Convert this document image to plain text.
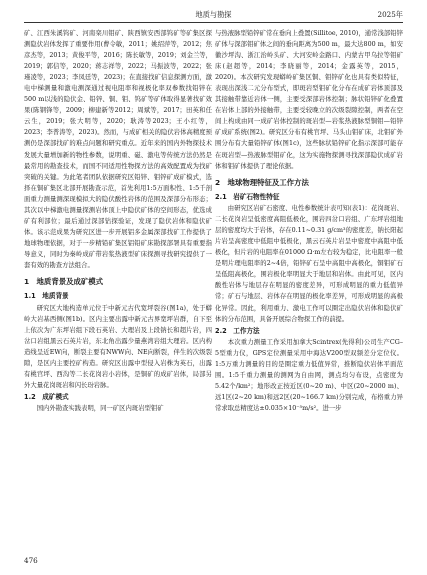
地质与勘探	2025年

矿、江西朱溪钨矿、河南栾川钼矿、陕西镇安西部钨矿等矿集区探测隐伏岩体发挥了重要作用(曹令敏，2011；姚绍萍等，2012；焦彦杰等，2013；黄俊平等，2016；陈长敏等，2019；刘金兰等，2019；郭信等，2020；蒋志祥等，2022；马振波等，2022；张瑾凌等，2023；李凤廷等，2023)；在直接找矿信息探测方面，激电中梯测量和激电测深通过视电阻率和视极化率双参数找铅锌在500 m以浅的隐伏金、铅锌、铜、钼、钨矿等矿体取得显著找矿效果(陈钢锋等，2009；柳建新等2012；周斌等，2017；田英和任云生，2019；张大明等，2020；耿涛等2023；王小红等，2023；李普涛等，2023)。然而，与成矿相关的隐伏岩体高精度预测仍是深部找矿的难点问题和研究重点。近年来的国内外物探技术发展大量增加新的物性参数，说明重、磁、激电等传统方法仍然是最常用的勘查技术，而国不同适用性物探方法的高效配置成为找矿突破的关键。为此笔者团队依据研究区铅锌、钼锌矿成矿模式，选择在铜矿集区北部开展勘查示范，首先利用1:5万面积性、1:5千剖面重力测量测深现模拟大的隐伏酸性岩体的范围及深部分布形态；其次以中梯激电测量探测岩体顶上中隐伏矿体的空间形态，优选成矿有利部位；最后通过深部钻探验证，发现了隐伏岩体和隐伏矿体。该示范成果为研究区进一步开展铝多金属深部找矿工作提供了地球物理依据，对于一步精铅矿集区铝铅矿床勘探部署具有重要指导意义，同时为秦岭成矿带岩浆热液型矿床探测寻找研究提供了一套有效的勘查方法组合。

1　地质背景及成矿模式
1.1　地质背景

研究区大地构造单元位于中新元古代宽坪裂谷(图1a)，处于蟒岭大岩基西侧(图1b)。区内主要出露中新元古界宽坪岩群，自下至上依次为广东坪岩组下段石英岩、大理岩及上段钠长和超片岩，四岔口岩组黑云石英片岩，东北角出露少量燕湾岩组大理岩。区内构造线呈近EW向，断裂主要有NWW向、NE向断裂，伴生的次级裂隙，是区内主要控矿构造。研究区出露中型侵入岩株为英石，出露有桃官坪、西沟等二长花岗岩小岩体，是铜矿的成矿岩体，局部另外大量花岗斑岩和闪长玢岩脉。

1.2　成矿模式

国内外勘查实践表明，同一矿区内斑岩型钼矿

与热液脉型铅锌矿常在垂向上叠置(Sillitoe, 2010)，通常浅部铅锌矿体与深部钼矿体之间的垂向距离为500 m，最大达800 m，如安徽沙坪沟、浙江治岭头矿、大河安岭金路口、内蒙古甲乌拉等钼矿床(赵超等，2014；李晓丽等，2014；金露英等，2015，2020)。本次研究发现蟒岭矿集区铜、钼锌矿化也具有类似特征，表现出深浅二元分布型式，即斑岩型钼矿化分布在成矿岩体顶部及其接触带靠近岩体一侧，主要受深部岩体控制；脉状铅锌矿化叠置在岩体上部的外接触带，主要受较晚立的次级裂隙控制，两者在空间上构成由同一成矿岩体控制的斑岩型—岩浆热液脉型铜钼—铅锌矿成矿系统(图2)。研究区分布有桃官坪、马头山钼矿床，北钼矿外围分布有大量铅锌矿体(图1c)，这些脉状铅锌矿化指示深部可能存在斑岩型—热液脉型钼矿化，这为实施物探测寻找深部隐伏成矿岩体和钼矿体提供了理论依据。

2　地球物理特征及工作方法
2.1　岩矿石物性特征

由研究区岩矿石密度、电性参数统计表可知(表1)：花岗斑岩、二长花岗岩呈低密度高阻低极化，围岩四岔口岩组、广东坪岩组地层的密度均大于岩体，存在0.11~0.31 g/cm³的密度差，钠长阳起片岩呈高密度中低阻中低极化，黑云石英片岩呈中密度中高阻中低极化，但片岩的电阻率在01000 Ω·m左右较为稳定，比电阻率一般是明片理电阻率的2~4倍，铅锌矿石呈中高阻中高极化，铜钼矿石呈低阻高极化，围岩极化率明显大于地层和岩体。由此可见，区内酸性岩体与地层存在明显的密度差异，可形成明显的重力低值异常；矿石与地层、岩体存在明显的极化率差异，可形成明显的高极化异常。因此，利用重力、激电工作可以圈定出隐伏岩体和隐伏矿体的分布范围，具备开展综合物探工作的前提。

2.2　工作方法

本次重力测量工作采用加拿大Scintrex(先得利)公司生产CG–5型重力仪，GPS定位测量采用中海达V200型双频差分定位仪。1:5万重力测量的目的是圈定重力低值异常，推断隐伏岩体平面范围。1:5千重力测量的测网为自由网，测点均匀布设，点密度为5.42个/km²；地形改正按近区(0~20 m)、中区(20~2000 m)、远1区(2~20 km)和远2区(20~166.7 km)分别完成，布格重力异常求取总精度达±0.035×10⁻⁵m/s²。进一步

476
